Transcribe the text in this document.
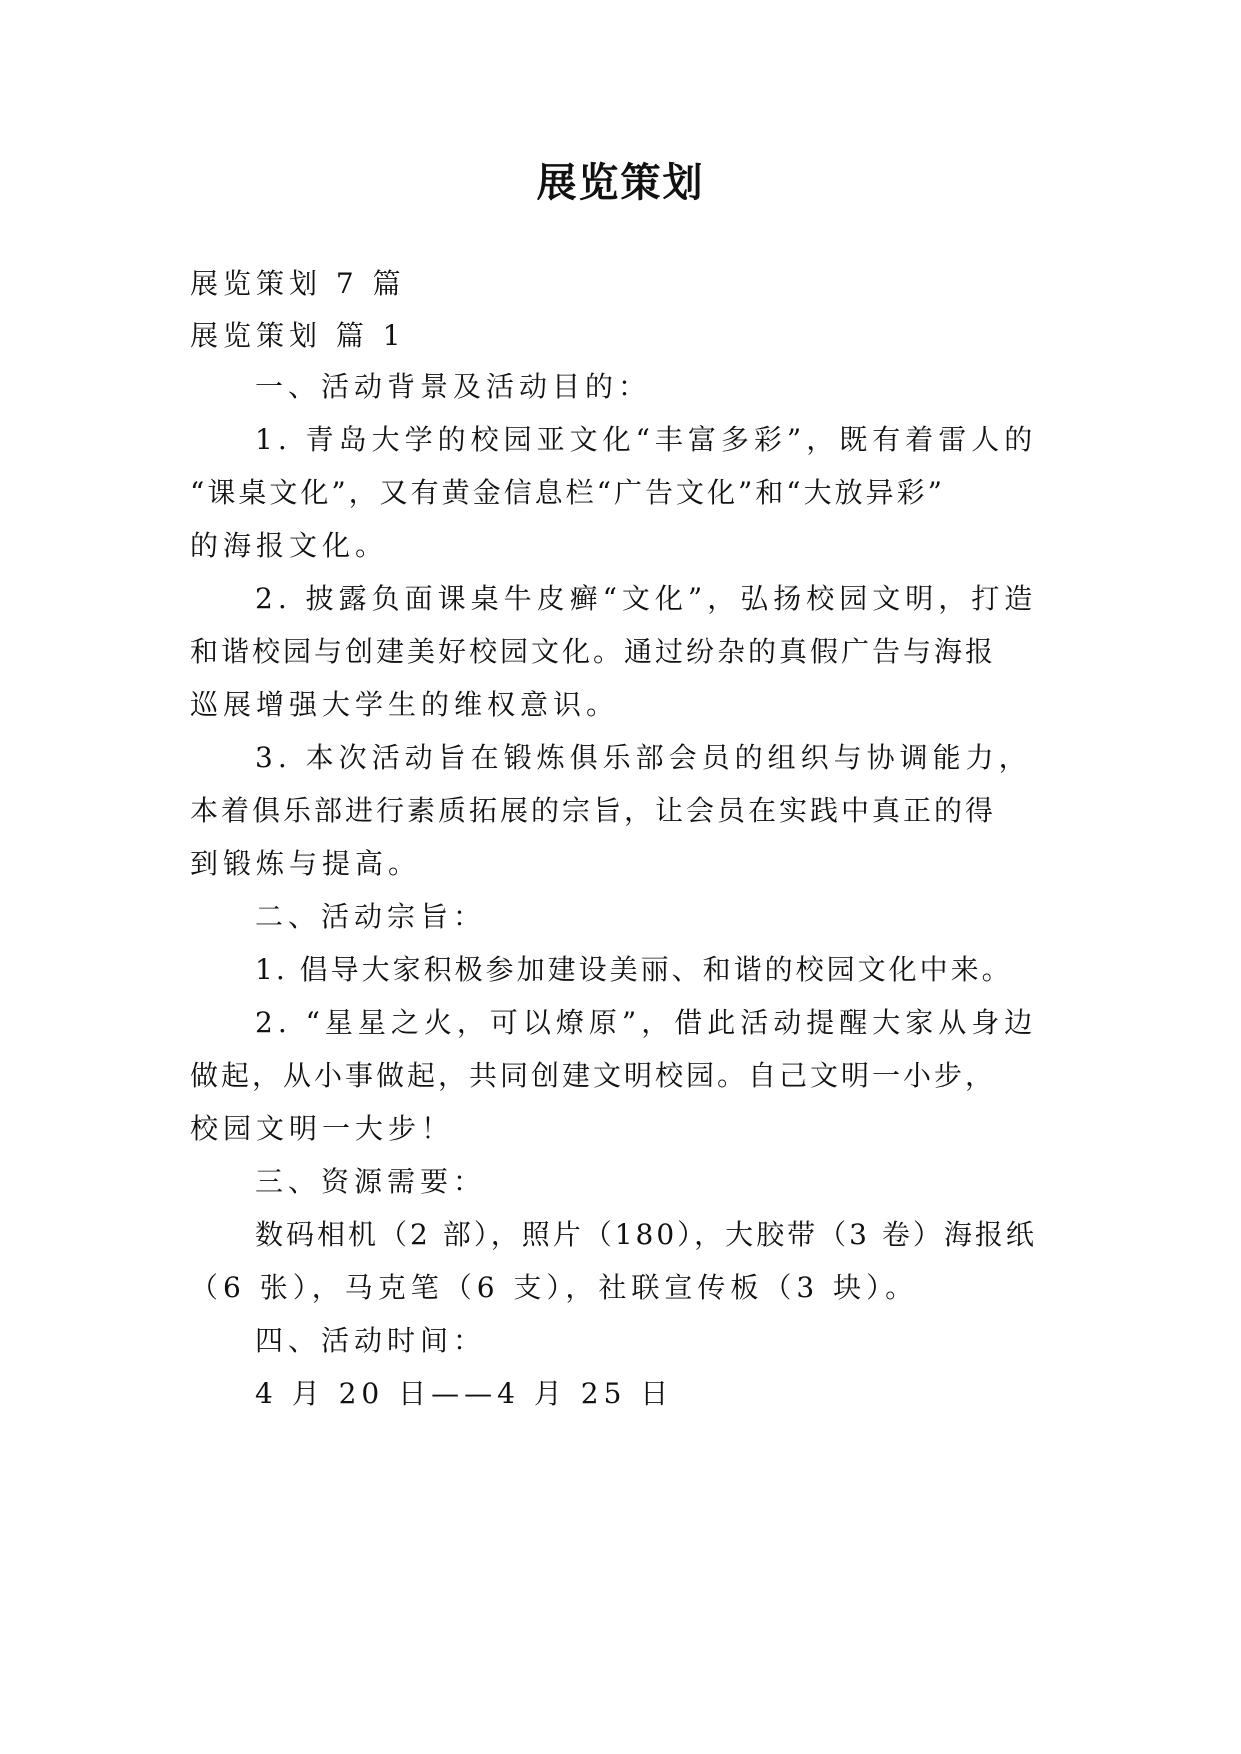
展览策划
展览策划 7 篇
展览策划 篇 1
一、活动背景及活动目的：
1. 青岛大学的校园亚文化“丰富多彩”，既有着雷人的
“课桌文化”，又有黄金信息栏“广告文化”和“大放异彩”
的海报文化。
2. 披露负面课桌牛皮癣“文化”，弘扬校园文明，打造
和谐校园与创建美好校园文化。通过纷杂的真假广告与海报
巡展增强大学生的维权意识。
3. 本次活动旨在锻炼俱乐部会员的组织与协调能力，
本着俱乐部进行素质拓展的宗旨，让会员在实践中真正的得
到锻炼与提高。
二、活动宗旨：
1. 倡导大家积极参加建设美丽、和谐的校园文化中来。
2. “星星之火，可以燎原”，借此活动提醒大家从身边
做起，从小事做起，共同创建文明校园。自己文明一小步，
校园文明一大步！
三、资源需要：
数码相机（2 部），照片（180），大胶带（3 卷）海报纸
（6 张），马克笔（6 支），社联宣传板（3 块）。
四、活动时间：
4 月 20 日——4 月 25 日
